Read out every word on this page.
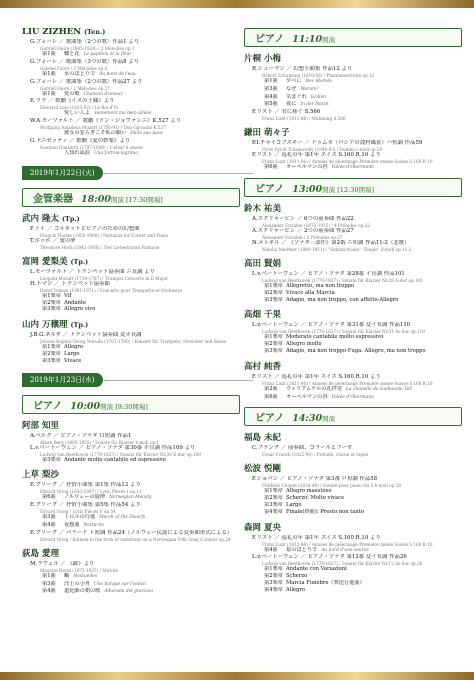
LIU ZIZHEN (Ten.)
G.フォーレ ／ 歌曲集〈2つの歌〉作品1 より
Gabriel Fauré (1845-1924) / 2 Mélodies op.1
第1曲 蝶と花 Le papillon et la fleur
G.フォーレ ／ 歌曲集〈3つの歌〉作品8 より
Gabriel Fauré / 3 Mélodies op.8
第1曲 水のほとりで Au bord de l'eau
G.フォーレ ／ 歌曲集〈2つの歌〉作品27 より
Gabriel Fauré / 2 Mélodies op.27
第1曲 愛の歌 Chanson d'amour
E.ララ ／ 歌劇《イスの王様》より
Édouard Lalo (1823-92) / Le Roi d'Ys
愛しい人よ Vainement ma bien-aimée
W.A.モーツァルト ／ 歌劇《ドン・ジョヴァンニ》K.527 より
Wolfgang Amadeus Mozart (1756-91) / Don Giovanni K.527
彼女の安らぎこそ私の願い Dalla sua pace
G.ドニゼッティ ／ 歌劇《愛の妙薬》より
Gaetano Donizetti (1797-1848) / L'elisir d'amore
人知れぬ涙 Una furtiva lagrima
2019年1月22日(火)
金管楽器 18:00開演 [17:30開場]
武内 隆太 (Tp.)
F.トイ ／ コルネットとピアノのための幻想曲
Francis Thome (1850-1909) / Fantaisie for Cornet and Piano
T.ホッホ ／ 愛の夢
Theodore Hoch (1842-1906) / Der Liebestraum Fantasie
富岡 愛梨美 (Tp.)
L.モーツァルト ／ トランペット協奏曲 ニ長調 より
Leopold Mozart (1719-1787) / Trumpet Concerto in D Major
H.トマジ ／ トランペット協奏曲
Henri Tomasi (1901-1971) / Concerto pour Trompette et Orchestre
第1楽章 Vif
第2楽章 Andante
第3楽章 Allegro vivo
山内 万穣理 (Tp.)
J.B.G.ネルダ ／ トランペット協奏曲 変ホ長調
Johann Baptist Georg Neruda (1707-1780) / Konzert für Trompete, Streicher und Basso
第1楽章 Allegro
第2楽章 Largo
第3楽章 Vivace
2019年1月23日(水)
ピアノ 10:00開演 [9:30開場]
阿部 知里
A.ベルク ／ ピアノ・ソナタ 口短調 作品1
Alban Berg (1885-1935) / Sonate für Klavier h-moll op.1
L.v.ベートーヴェン ／ ピアノ・ソナタ 第30番 ホ長調 作品109 より
Ludwig van Beethoven (1770-1827) / Sonate für Klavier Nr.30 E-dur op.109
第3楽章 Andante molto cantabile ed espressivo
上草 梨沙
E.グリーグ ／ 抒情小曲集 第1集 作品12 より
Edvard Grieg (1843-1907) / Lyric Pieces I op.12
第6曲 ノルウェーの旋律 Norwegian Melody
E.グリーグ ／ 抒情小曲集 第5集 作品54 より
Edvard Grieg / Lyric Pieces V op.54
第3曲 トロルの行進 March of the Dwarfs
第4曲 夜想曲 Notturno
E.グリーグ ／ バラード ト短調 作品24（ノルウェー民謡による変奏曲形式による）
Edvard Grieg / Ballade in the form of variations on a Norwegian Folk Song G minor op.24
荻島 愛理
M.ラヴェル ／ 《鏡》より
Maurice Ravel (1875-1937) / Miroirs
第1曲 蛾 Noctuelles
第3曲 洋上の小舟 Une barque sur l'océan
第4曲 道化師の朝の歌 Alborada del gracioso
ピアノ 11:10開演
片桐 小梅
R.シューマン ／ 幻想小曲集 作品12 より
Robert Schumann (1810-56) / Phantasiestücke op.12
第1曲 夕べに Des Abends
第3曲 なぜ Warum?
第4曲 気まぐれ Grillen
第5曲 夜に In der Nacht
F.リスト ／ 君に捧ぐ S.566
Franz Liszt (1811-86) / Widmung S.566
鎌田 萌々子
P.I.チャイコフスキー ／ ドゥムカ（ロシアの農村風景）ハ短調 作品59
Pyotr Ilyich Tchaikovsky (1840-93) / Dumka c-moll op.59
F.リスト ／ 巡礼の年 第1年 スイス S.160 R.10 より
Franz Liszt (1811-86) / Années de pèlerinage Première année Suisse S.160 R.10
第6曲 オーベルマンの谷 Vallée d'Obermann
ピアノ 13:00開演 [12:30開場]
鈴木 祐美
A.スクリャービン ／ 6つの前奏曲 作品22
Alexander Scriabin (1872-1915) / 4 Préludes op.22
A.スクリャービン ／ 2つの前奏曲 作品27
Alexander Scriabin / 2 Préludes op.27
N.メトネル ／ 《ソナタ三部作》第2番 ニ短調 作品11-2（悲歌）
Nikolai Medtner (1880-1951) / "Sonata-triade" "Elegie" d-moll op.11-2
高田 賢娟
L.v.ベートーヴェン ／ ピアノ・ソナタ 第28番 イ長調 作品101
Ludwig van Beethoven (1770-1827) / Sonate für Klavier Nr.28 A-dur op.101
第1楽章 Allegretto, ma non troppo
第2楽章 Vivace alla Marcia
第3楽章 Adagio, ma non troppo, con affetto-Allegro
高畑 千果
L.v.ベートーヴェン ／ ピアノ・ソナタ 第31番 変イ長調 作品110
Ludwig van Beethoven (1770-1827) / Sonate für Klavier Nr.31 As-dur op.110
第1楽章 Moderato cantabile molto espressivo
第2楽章 Allegro molto
第3楽章 Adagio, ma non troppo-Fuga. Allegro, ma non troppo
高村 純香
F.リスト ／ 巡礼の年 第1年 スイス S.160 R.10 より
Franz Liszt (1811-86) / Années de pèlerinage Première année Suisse S.160 R.10
第2曲 ウィリアムテルの礼拝堂 La chapelle de Guillaume Tell
第6曲 オーベルマンの谷 Vallée d'Obermann
ピアノ 14:30開演
福島 未紀
C.フランク ／ 前奏曲、コラールとフーガ
César Franck (1822-90) / Prélude, choral et fugue
松波 悦剛
F.ショパン ／ ピアノ・ソナタ 第3番 ロ短調 作品58
Frédéric Chopin (1810-49) / Sonate pour piano No.3 b-moll op.58
第1楽章 Allegro maestoso
第2楽章 Scherzo: Molto vivace
第3楽章 Largo
第4楽章 Finale(終曲): Presto non tanto
森岡 夏央
F.リスト ／ 巡礼の年 第1年 スイス S.160 R.10 より
Franz Liszt (1811-86) / Années de pèlerinage Première année Suisse S.160 R.10
第4曲 泉のほとりで Au bord d'une source
L.v.ベートーヴェン ／ ピアノ・ソナタ 第12番 変イ長調 作品26
Ludwig van Beethoven (1770-1827) / Sonate für Klavier Nr.12 As-dur op.26
第1楽章 Andante con Variazioni
第2楽章 Scherzo
第3楽章 Marcia Funebre（葬送行進曲）
第4楽章 Allegro
